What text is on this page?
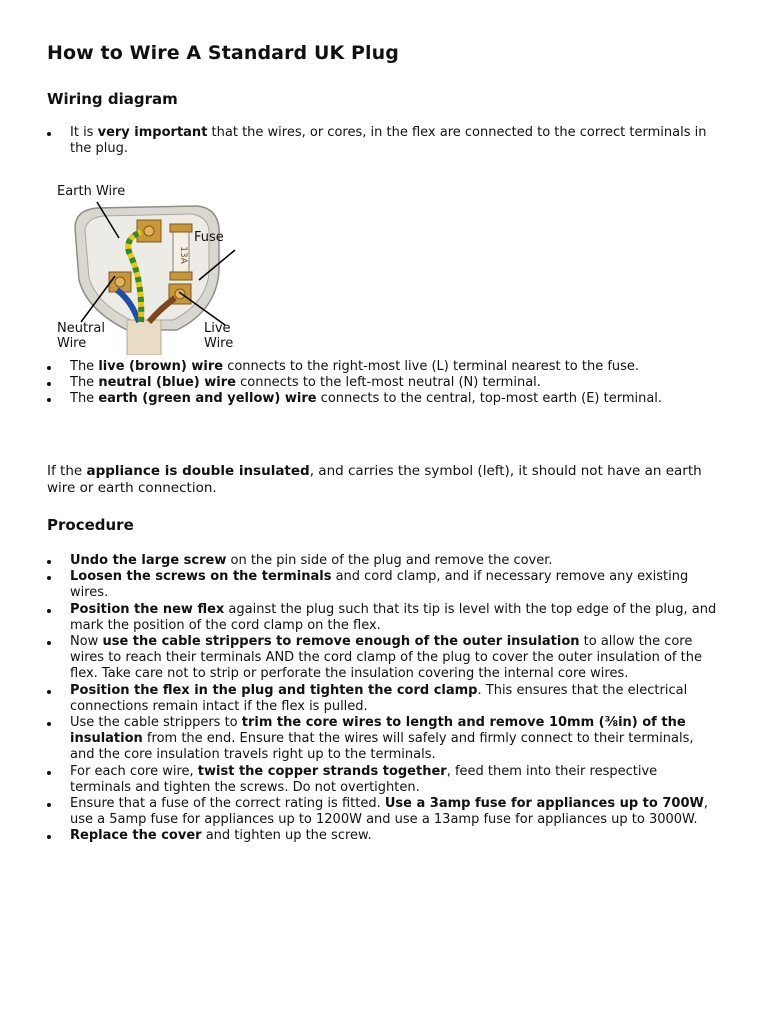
How to Wire A Standard UK Plug
Wiring diagram
It is very important that the wires, or cores, in the flex are connected to the correct terminals in the plug.
13A
Earth Wire
Fuse
Neutral Wire
Live Wire
The live (brown) wire connects to the right-most live (L) terminal nearest to the fuse.
The neutral (blue) wire connects to the left-most neutral (N) terminal.
The earth (green and yellow) wire connects to the central, top-most earth (E) terminal.

If the appliance is double insulated, and carries the symbol (left), it should not have an earth wire or earth connection.

Procedure
Undo the large screw on the pin side of the plug and remove the cover.
Loosen the screws on the terminals and cord clamp, and if necessary remove any existing wires.
Position the new flex against the plug such that its tip is level with the top edge of the plug, and mark the position of the cord clamp on the flex.
Now use the cable strippers to remove enough of the outer insulation to allow the core wires to reach their terminals AND the cord clamp of the plug to cover the outer insulation of the flex. Take care not to strip or perforate the insulation covering the internal core wires.
Position the flex in the plug and tighten the cord clamp. This ensures that the electrical connections remain intact if the flex is pulled.
Use the cable strippers to trim the core wires to length and remove 10mm (⅜in) of the insulation from the end. Ensure that the wires will safely and firmly connect to their terminals, and the core insulation travels right up to the terminals.
For each core wire, twist the copper strands together, feed them into their respective terminals and tighten the screws. Do not overtighten.
Ensure that a fuse of the correct rating is fitted. Use a 3amp fuse for appliances up to 700W, use a 5amp fuse for appliances up to 1200W and use a 13amp fuse for appliances up to 3000W.
Replace the cover and tighten up the screw.
